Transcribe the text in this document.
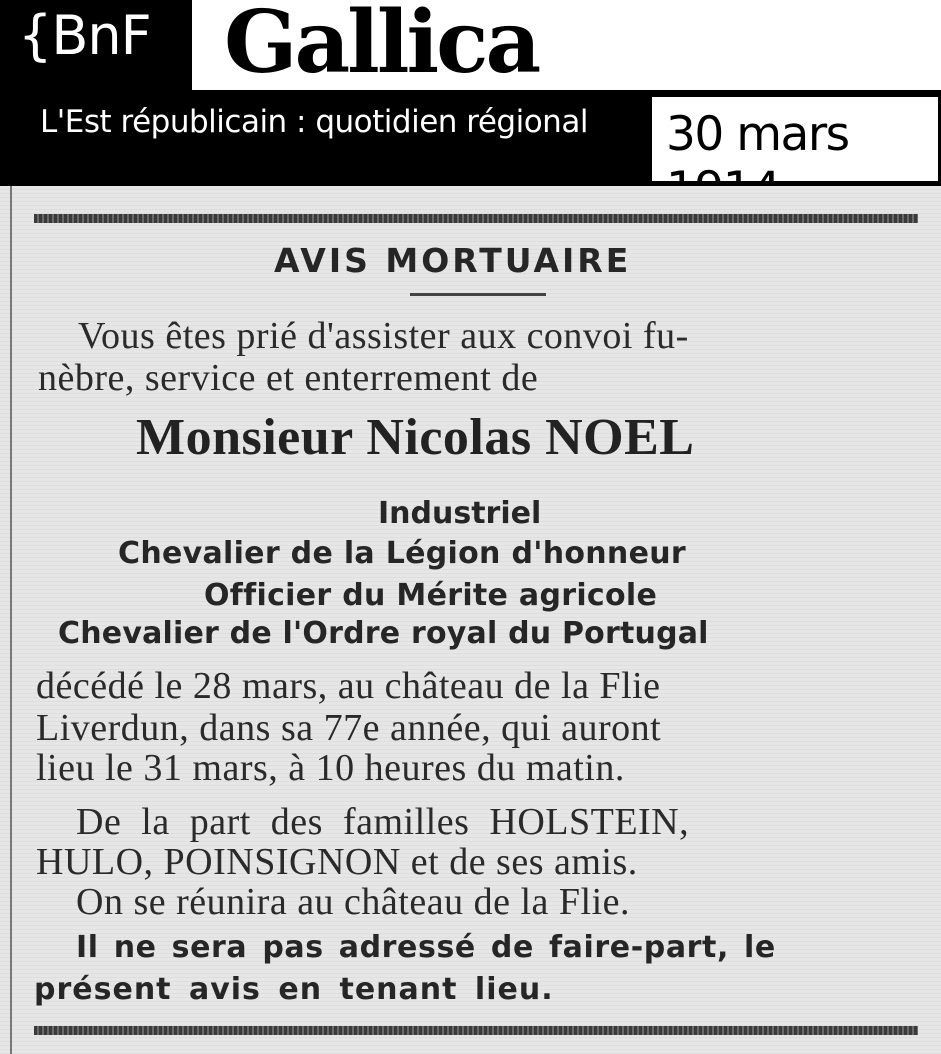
{BnF Gallica
L'Est républicain : quotidien régional 30 mars
AVIS MORTUAIRE
Vous êtes prié d'assister aux convoi fu-
nèbre, service et enterrement de
Monsieur Nicolas NOEL
Industriel
Chevalier de la Légion d'honneur
Officier du Mérite agricole
Chevalier de l'Ordre royal du Portugal
décédé le 28 mars, au château de la Flie
Liverdun, dans sa 77e année, qui auront
lieu le 31 mars, à 10 heures du matin.
De la part des familles HOLSTEIN,
HULO, POINSIGNON et de ses amis.
On se réunira au château de la Flie.
Il ne sera pas adressé de faire-part, le
présent avis en tenant lieu.
